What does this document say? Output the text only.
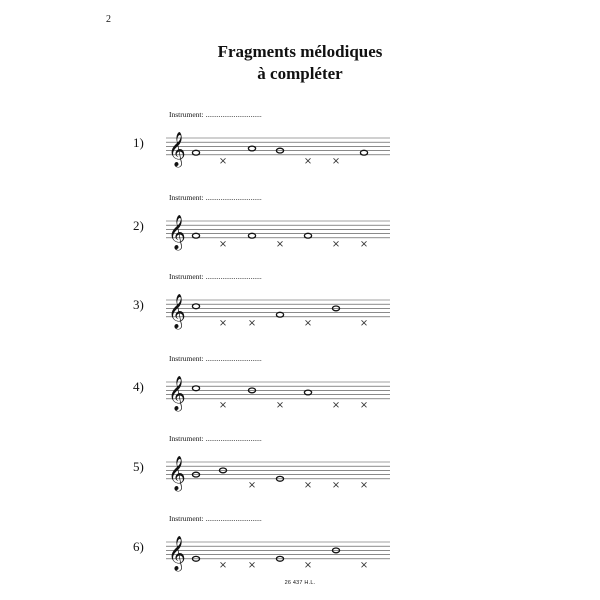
2
Fragments mélodiques
à compléter
Instrument: ..............................
1) 𝄞
Instrument: ..............................
2) 𝄞
Instrument: ..............................
3) 𝄞
Instrument: ..............................
4) 𝄞
Instrument: ..............................
5) 𝄞
Instrument: ..............................
6) 𝄞
26 437 H.L.
